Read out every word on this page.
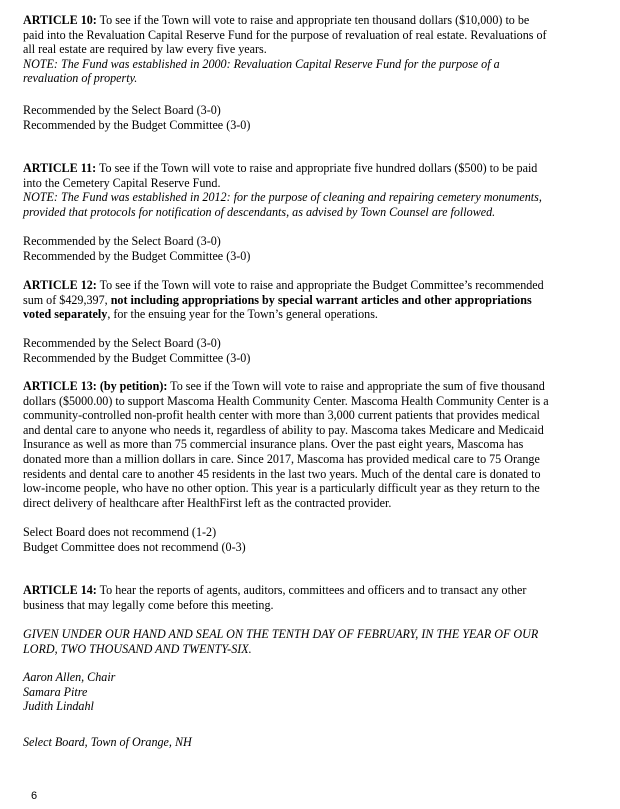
ARTICLE 10: To see if the Town will vote to raise and appropriate ten thousand dollars ($10,000) to be
paid into the Revaluation Capital Reserve Fund for the purpose of revaluation of real estate. Revaluations of
all real estate are required by law every five years.
NOTE: The Fund was established in 2000: Revaluation Capital Reserve Fund for the purpose of a
revaluation of property.
Recommended by the Select Board (3-0)
Recommended by the Budget Committee (3-0)
ARTICLE 11: To see if the Town will vote to raise and appropriate five hundred dollars ($500) to be paid
into the Cemetery Capital Reserve Fund.
NOTE: The Fund was established in 2012: for the purpose of cleaning and repairing cemetery monuments,
provided that protocols for notification of descendants, as advised by Town Counsel are followed.
Recommended by the Select Board (3-0)
Recommended by the Budget Committee (3-0)
ARTICLE 12: To see if the Town will vote to raise and appropriate the Budget Committee’s recommended
sum of $429,397, not including appropriations by special warrant articles and other appropriations
voted separately, for the ensuing year for the Town’s general operations.
Recommended by the Select Board (3-0)
Recommended by the Budget Committee (3-0)
ARTICLE 13: (by petition): To see if the Town will vote to raise and appropriate the sum of five thousand
dollars ($5000.00) to support Mascoma Health Community Center. Mascoma Health Community Center is a
community-controlled non-profit health center with more than 3,000 current patients that provides medical
and dental care to anyone who needs it, regardless of ability to pay. Mascoma takes Medicare and Medicaid
Insurance as well as more than 75 commercial insurance plans. Over the past eight years, Mascoma has
donated more than a million dollars in care. Since 2017, Mascoma has provided medical care to 75 Orange
residents and dental care to another 45 residents in the last two years. Much of the dental care is donated to
low-income people, who have no other option. This year is a particularly difficult year as they return to the
direct delivery of healthcare after HealthFirst left as the contracted provider.
Select Board does not recommend (1-2)
Budget Committee does not recommend (0-3)
ARTICLE 14: To hear the reports of agents, auditors, committees and officers and to transact any other
business that may legally come before this meeting.
GIVEN UNDER OUR HAND AND SEAL ON THE TENTH DAY OF FEBRUARY, IN THE YEAR OF OUR
LORD, TWO THOUSAND AND TWENTY-SIX.
Aaron Allen, Chair
Samara Pitre
Judith Lindahl
Select Board, Town of Orange, NH
6
